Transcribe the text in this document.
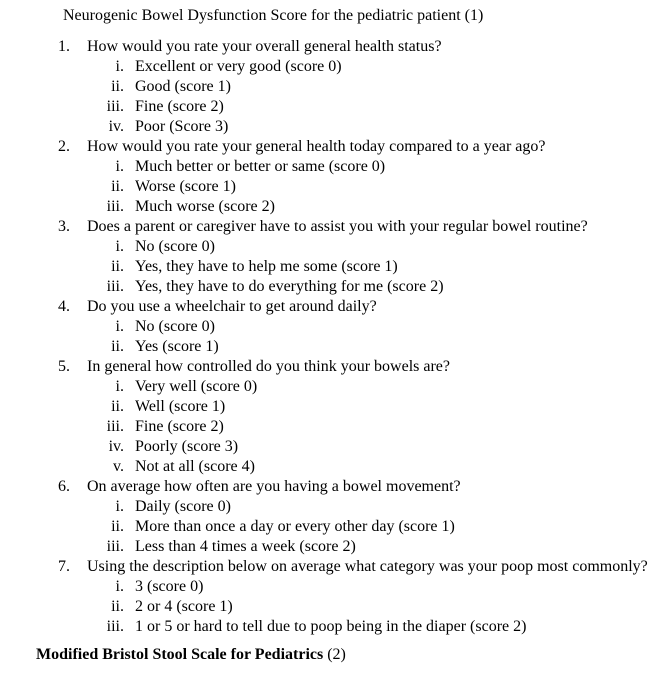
Neurogenic Bowel Dysfunction Score for the pediatric patient (1)
1.	How would you rate your overall general health status?
i. Excellent or very good (score 0)
ii. Good (score 1)
iii. Fine (score 2)
iv. Poor (Score 3)
2.	How would you rate your general health today compared to a year ago?
i. Much better or better or same (score 0)
ii. Worse (score 1)
iii. Much worse (score 2)
3.	Does a parent or caregiver have to assist you with your regular bowel routine?
i. No (score 0)
ii. Yes, they have to help me some (score 1)
iii. Yes, they have to do everything for me (score 2)
4.	Do you use a wheelchair to get around daily?
i. No (score 0)
ii. Yes (score 1)
5.	In general how controlled do you think your bowels are?
i. Very well (score 0)
ii. Well (score 1)
iii. Fine (score 2)
iv. Poorly (score 3)
v. Not at all (score 4)
6.	On average how often are you having a bowel movement?
i. Daily (score 0)
ii. More than once a day or every other day (score 1)
iii. Less than 4 times a week (score 2)
7.	Using the description below on average what category was your poop most commonly?
i. 3 (score 0)
ii. 2 or 4 (score 1)
iii. 1 or 5 or hard to tell due to poop being in the diaper (score 2)
Modified Bristol Stool Scale for Pediatrics (2)
